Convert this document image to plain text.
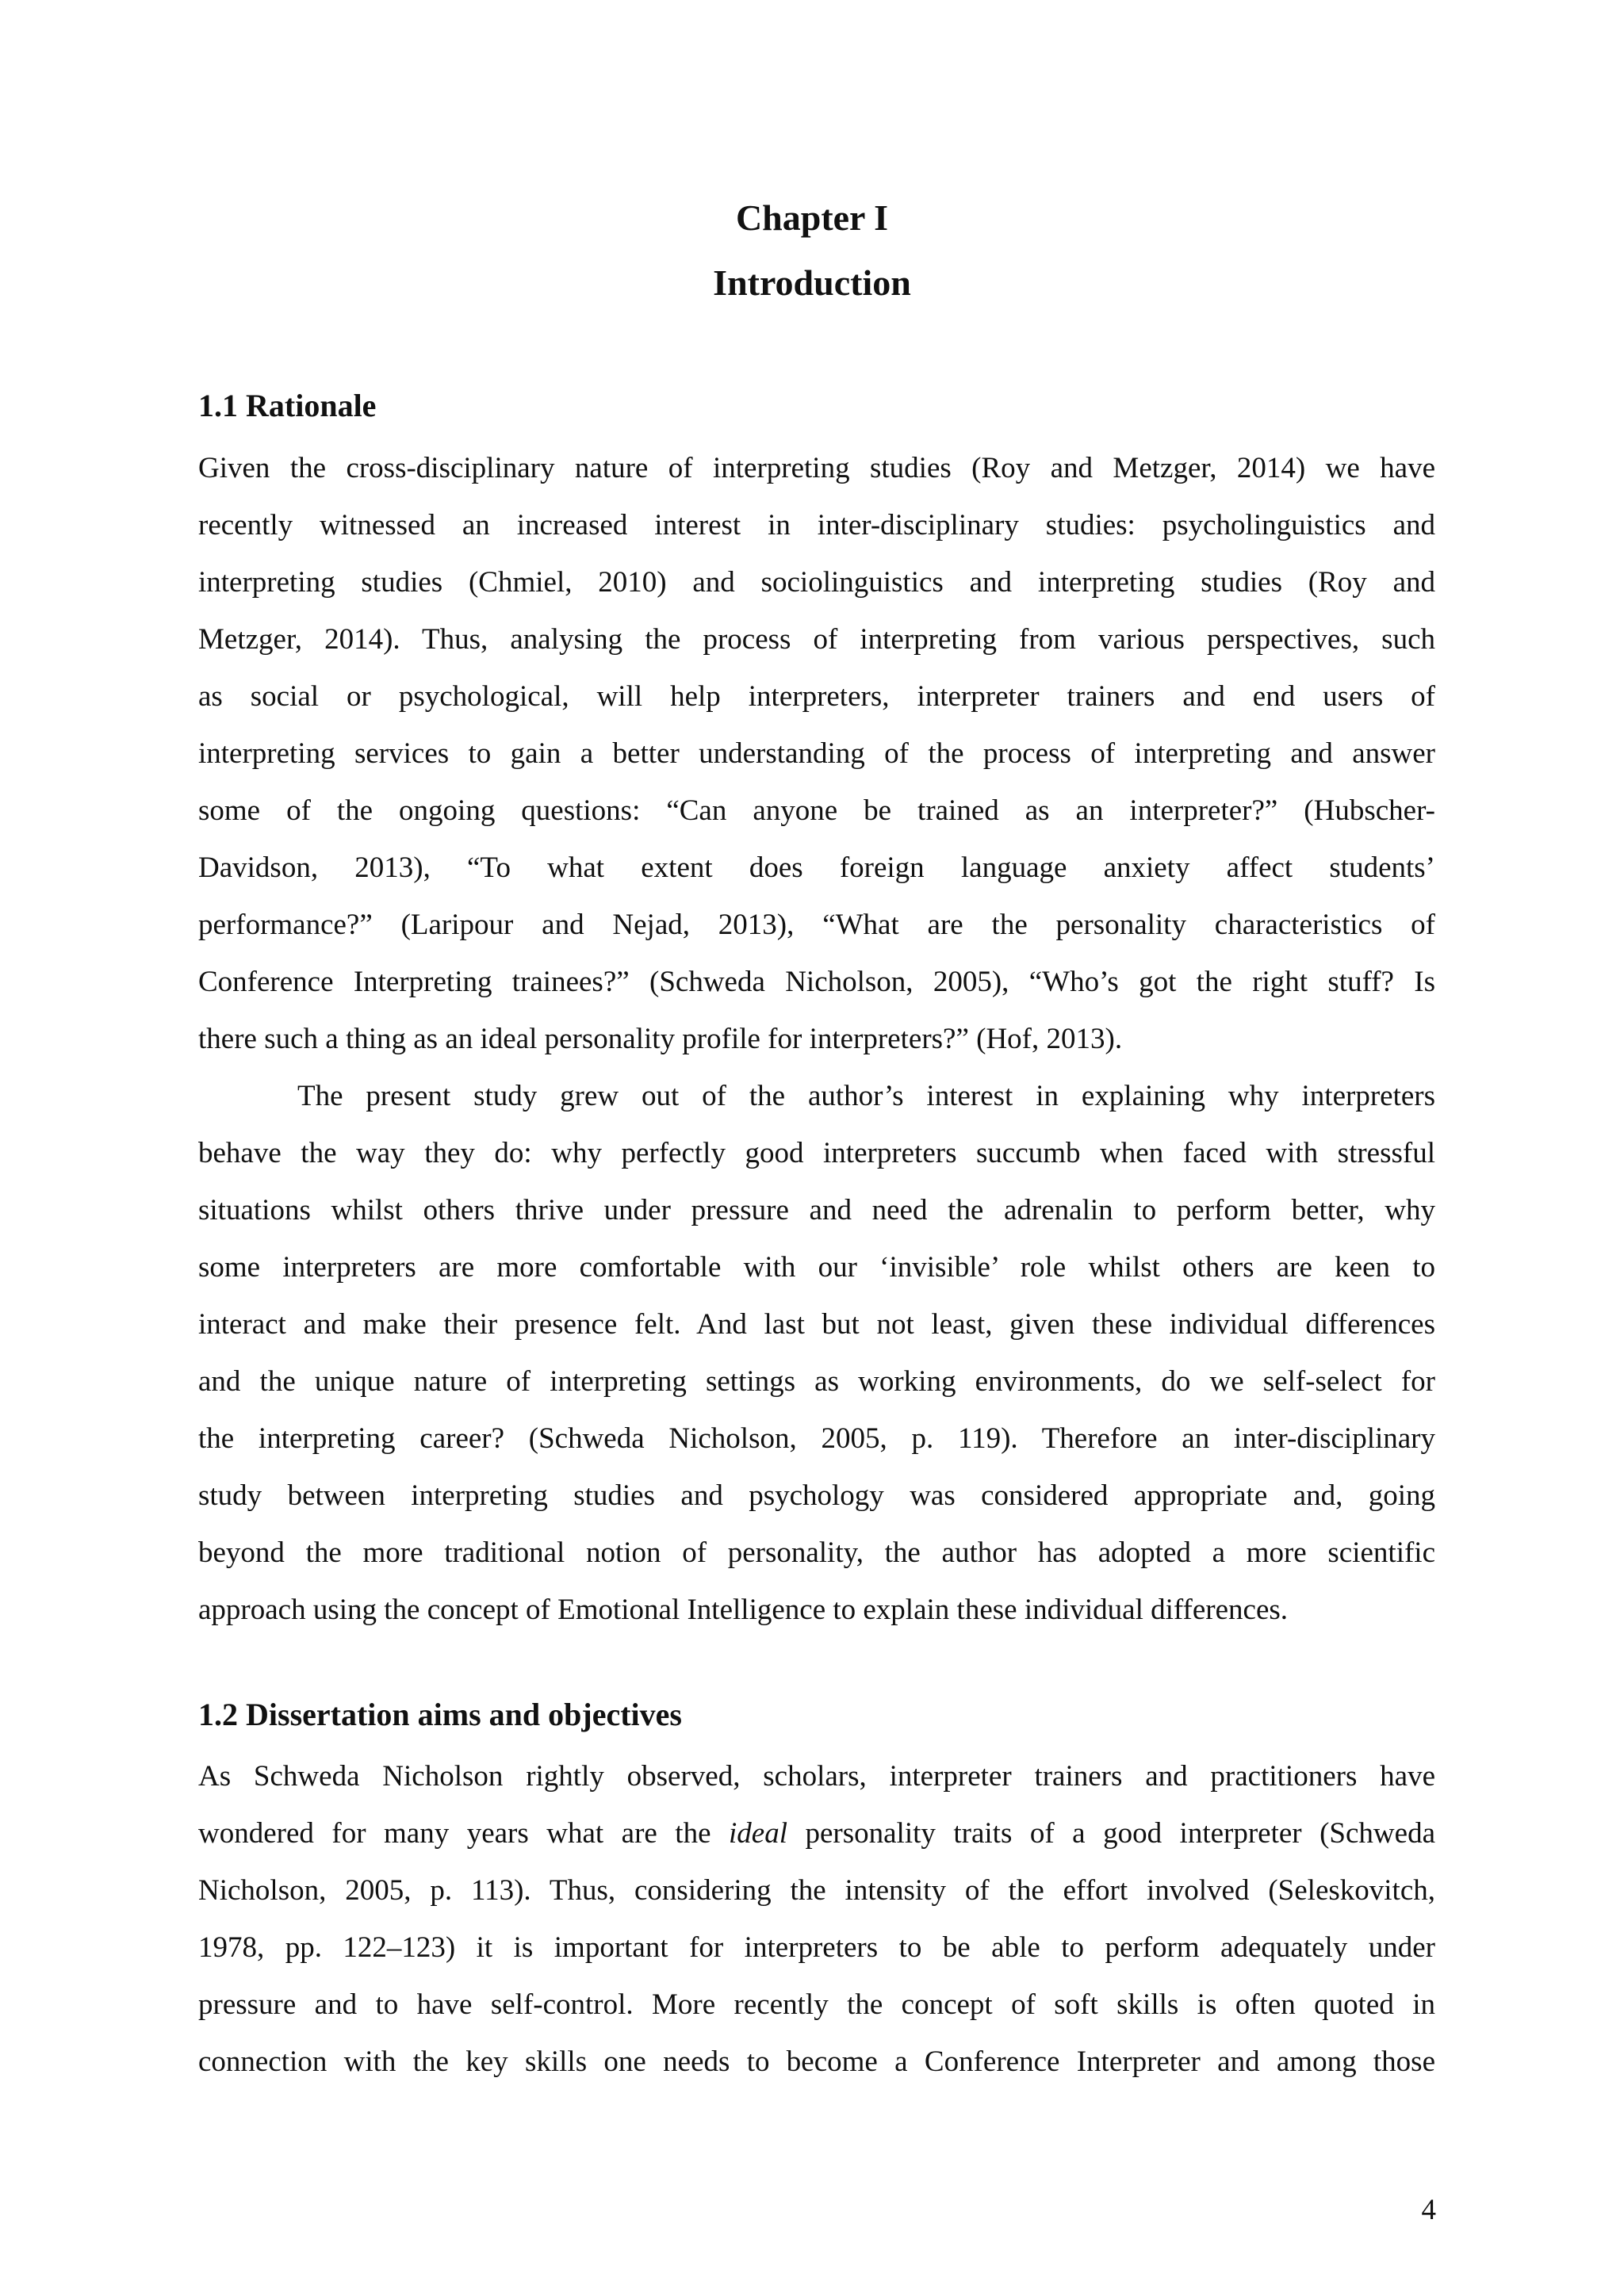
Chapter I
Introduction
1.1 Rationale

Given the cross-disciplinary nature of interpreting studies (Roy and Metzger, 2014) we have
recently witnessed an increased interest in inter-disciplinary studies: psycholinguistics and
interpreting studies (Chmiel, 2010) and sociolinguistics and interpreting studies (Roy and
Metzger, 2014). Thus, analysing the process of interpreting from various perspectives, such
as social or psychological, will help interpreters, interpreter trainers and end users of
interpreting services to gain a better understanding of the process of interpreting and answer
some of the ongoing questions: “Can anyone be trained as an interpreter?” (Hubscher-
Davidson, 2013), “To what extent does foreign language anxiety affect students’
performance?” (Laripour and Nejad, 2013), “What are the personality characteristics of
Conference Interpreting trainees?” (Schweda Nicholson, 2005), “Who’s got the right stuff? Is
there such a thing as an ideal personality profile for interpreters?” (Hof, 2013).

The present study grew out of the author’s interest in explaining why interpreters
behave the way they do: why perfectly good interpreters succumb when faced with stressful
situations whilst others thrive under pressure and need the adrenalin to perform better, why
some interpreters are more comfortable with our ‘invisible’ role whilst others are keen to
interact and make their presence felt. And last but not least, given these individual differences
and the unique nature of interpreting settings as working environments, do we self-select for
the interpreting career? (Schweda Nicholson, 2005, p. 119). Therefore an inter-disciplinary
study between interpreting studies and psychology was considered appropriate and, going
beyond the more traditional notion of personality, the author has adopted a more scientific
approach using the concept of Emotional Intelligence to explain these individual differences.

1.2 Dissertation aims and objectives

As Schweda Nicholson rightly observed, scholars, interpreter trainers and practitioners have
wondered for many years what are the ideal personality traits of a good interpreter (Schweda
Nicholson, 2005, p. 113). Thus, considering the intensity of the effort involved (Seleskovitch,
1978, pp. 122–123) it is important for interpreters to be able to perform adequately under
pressure and to have self-control. More recently the concept of soft skills is often quoted in
connection with the key skills one needs to become a Conference Interpreter and among those

4
